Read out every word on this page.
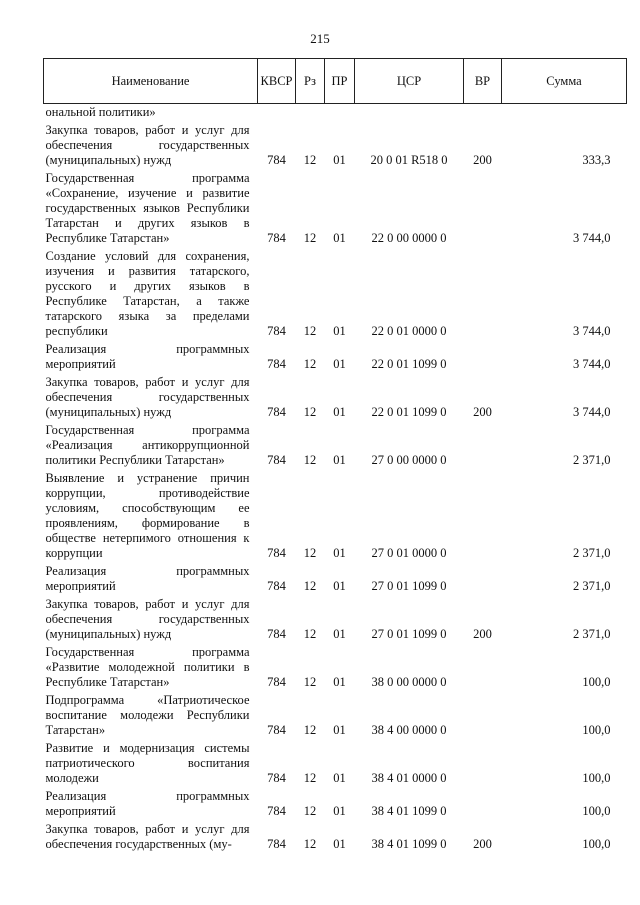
215
Наименование	КВСР	Рз	ПР	ЦСР	ВР	Сумма
ональной политики»						
Закупка товаров, работ и услуг для обеспечения государственных (муниципальных) нужд	784	12	01	20 0 01 R518 0	200	333,3
Государственная программа «Сохранение, изучение и развитие государственных языков Республики Татарстан и других языков в Республике Татарстан»	784	12	01	22 0 00 0000 0		3 744,0
Создание условий для сохранения, изучения и развития татарского, русского и других языков в Республике Татарстан, а также татарского языка за пределами республики	784	12	01	22 0 01 0000 0		3 744,0
Реализация программных мероприятий	784	12	01	22 0 01 1099 0		3 744,0
Закупка товаров, работ и услуг для обеспечения государственных (муниципальных) нужд	784	12	01	22 0 01 1099 0	200	3 744,0
Государственная программа «Реализация антикоррупционной политики Республики Татарстан»	784	12	01	27 0 00 0000 0		2 371,0
Выявление и устранение причин коррупции, противодействие условиям, способствующим ее проявлениям, формирование в обществе нетерпимого отношения к коррупции	784	12	01	27 0 01 0000 0		2 371,0
Реализация программных мероприятий	784	12	01	27 0 01 1099 0		2 371,0
Закупка товаров, работ и услуг для обеспечения государственных (муниципальных) нужд	784	12	01	27 0 01 1099 0	200	2 371,0
Государственная программа «Развитие молодежной политики в Республике Татарстан»	784	12	01	38 0 00 0000 0		100,0
Подпрограмма «Патриотическое воспитание молодежи Республики Татарстан»	784	12	01	38 4 00 0000 0		100,0
Развитие и модернизация системы патриотического воспитания молодежи	784	12	01	38 4 01 0000 0		100,0
Реализация программных мероприятий	784	12	01	38 4 01 1099 0		100,0
Закупка товаров, работ и услуг для обеспечения государственных (му-	784	12	01	38 4 01 1099 0	200	100,0
